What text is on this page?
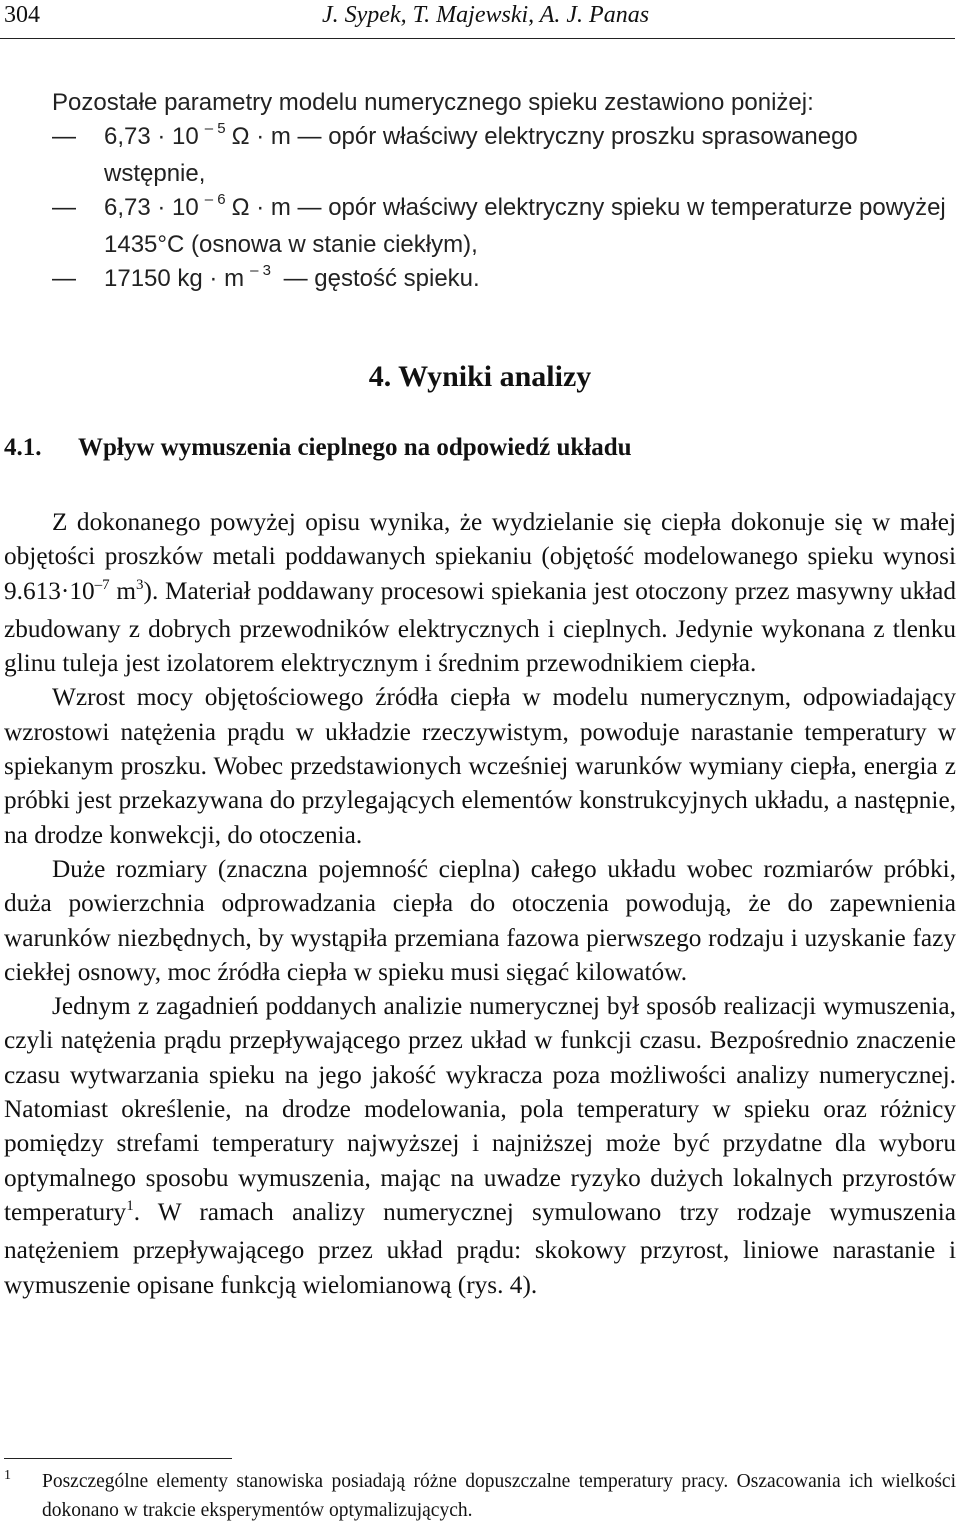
304	J. Sypek, T. Majewski, A. J. Panas
Pozostałe parametry modelu numerycznego spieku zestawiono poniżej:
— 6,73 · 10 $^{- 5}$ Ω · m — opór właściwy elektryczny proszku sprasowanego wstępnie,
— 6,73 · 10 $^{- 6}$ Ω · m — opór właściwy elektryczny spieku w temperaturze powyżej 1435°C (osnowa w stanie ciekłym),
— 17150 kg · m $^{- 3}$ — gęstość spieku.
4. Wyniki analizy
4.1. Wpływ wymuszenia cieplnego na odpowiedź układu

Z dokonanego powyżej opisu wynika, że wydzielanie się ciepła dokonuje się w małej objętości proszków metali poddawanych spiekaniu (objętość modelowanego spieku wynosi $9.613\cdot 10^{-7}$ $m^3$). Materiał poddawany procesowi spiekania jest otoczony przez masywny układ zbudowany z dobrych przewodników elektrycznych i cieplnych. Jedynie wykonana z tlenku glinu tuleja jest izolatorem elektrycznym i średnim przewodnikiem ciepła.

Wzrost mocy objętościowego źródła ciepła w modelu numerycznym, odpowiadający wzrostowi natężenia prądu w układzie rzeczywistym, powoduje narastanie temperatury w spiekanym proszku. Wobec przedstawionych wcześniej warunków wymiany ciepła, energia z próbki jest przekazywana do przylegających elementów konstrukcyjnych układu, a następnie, na drodze konwekcji, do otoczenia.

Duże rozmiary (znaczna pojemność cieplna) całego układu wobec rozmiarów próbki, duża powierzchnia odprowadzania ciepła do otoczenia powodują, że do zapewnienia warunków niezbędnych, by wystąpiła przemiana fazowa pierwszego rodzaju i uzyskanie fazy ciekłej osnowy, moc źródła ciepła w spieku musi sięgać kilowatów.

Jednym z zagadnień poddanych analizie numerycznej był sposób realizacji wymuszenia, czyli natężenia prądu przepływającego przez układ w funkcji czasu. Bezpośrednio znaczenie czasu wytwarzania spieku na jego jakość wykracza poza możliwości analizy numerycznej. Natomiast określenie, na drodze modelowania, pola temperatury w spieku oraz różnicy pomiędzy strefami temperatury najwyższej i najniższej może być przydatne dla wyboru optymalnego sposobu wymuszenia, mając na uwadze ryzyko dużych lokalnych przyrostów temperatury$^1$. W ramach analizy numerycznej symulowano trzy rodzaje wymuszenia natężeniem przepływającego przez układ prądu: skokowy przyrost, liniowe narastanie i wymuszenie opisane funkcją wielomianową (rys. 4).

1 Poszczególne elementy stanowiska posiadają różne dopuszczalne temperatury pracy. Oszacowania ich wielkości dokonano w trakcie eksperymentów optymalizujących.
